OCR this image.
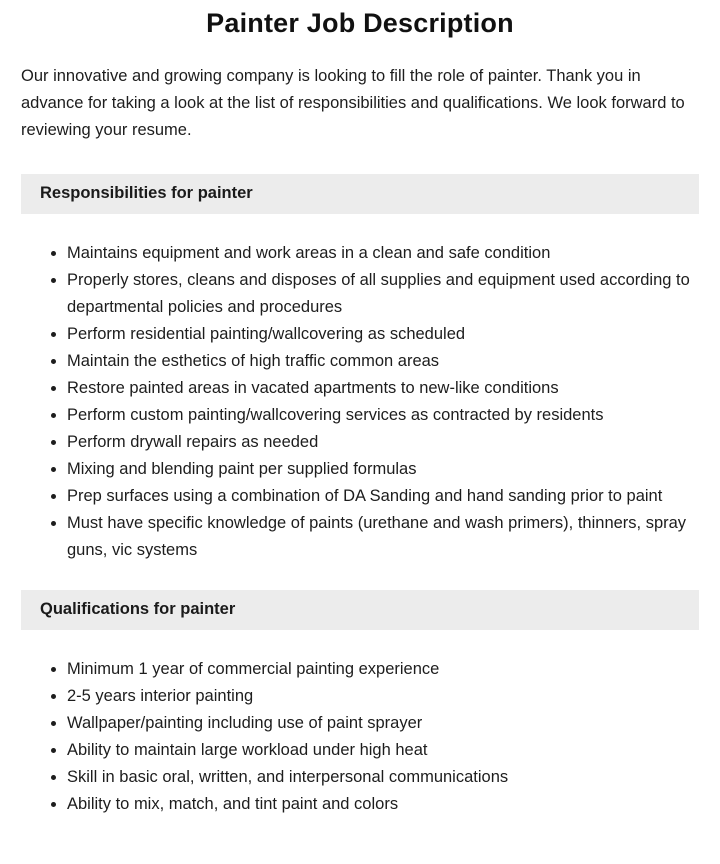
Painter Job Description

Our innovative and growing company is looking to fill the role of painter. Thank you in advance for taking a look at the list of responsibilities and qualifications. We look forward to reviewing your resume.

Responsibilities for painter
Maintains equipment and work areas in a clean and safe condition
Properly stores, cleans and disposes of all supplies and equipment used according to departmental policies and procedures
Perform residential painting/wallcovering as scheduled
Maintain the esthetics of high traffic common areas
Restore painted areas in vacated apartments to new-like conditions
Perform custom painting/wallcovering services as contracted by residents
Perform drywall repairs as needed
Mixing and blending paint per supplied formulas
Prep surfaces using a combination of DA Sanding and hand sanding prior to paint
Must have specific knowledge of paints (urethane and wash primers), thinners, spray guns, vic systems
Qualifications for painter
Minimum 1 year of commercial painting experience
2-5 years interior painting
Wallpaper/painting including use of paint sprayer
Ability to maintain large workload under high heat
Skill in basic oral, written, and interpersonal communications
Ability to mix, match, and tint paint and colors
